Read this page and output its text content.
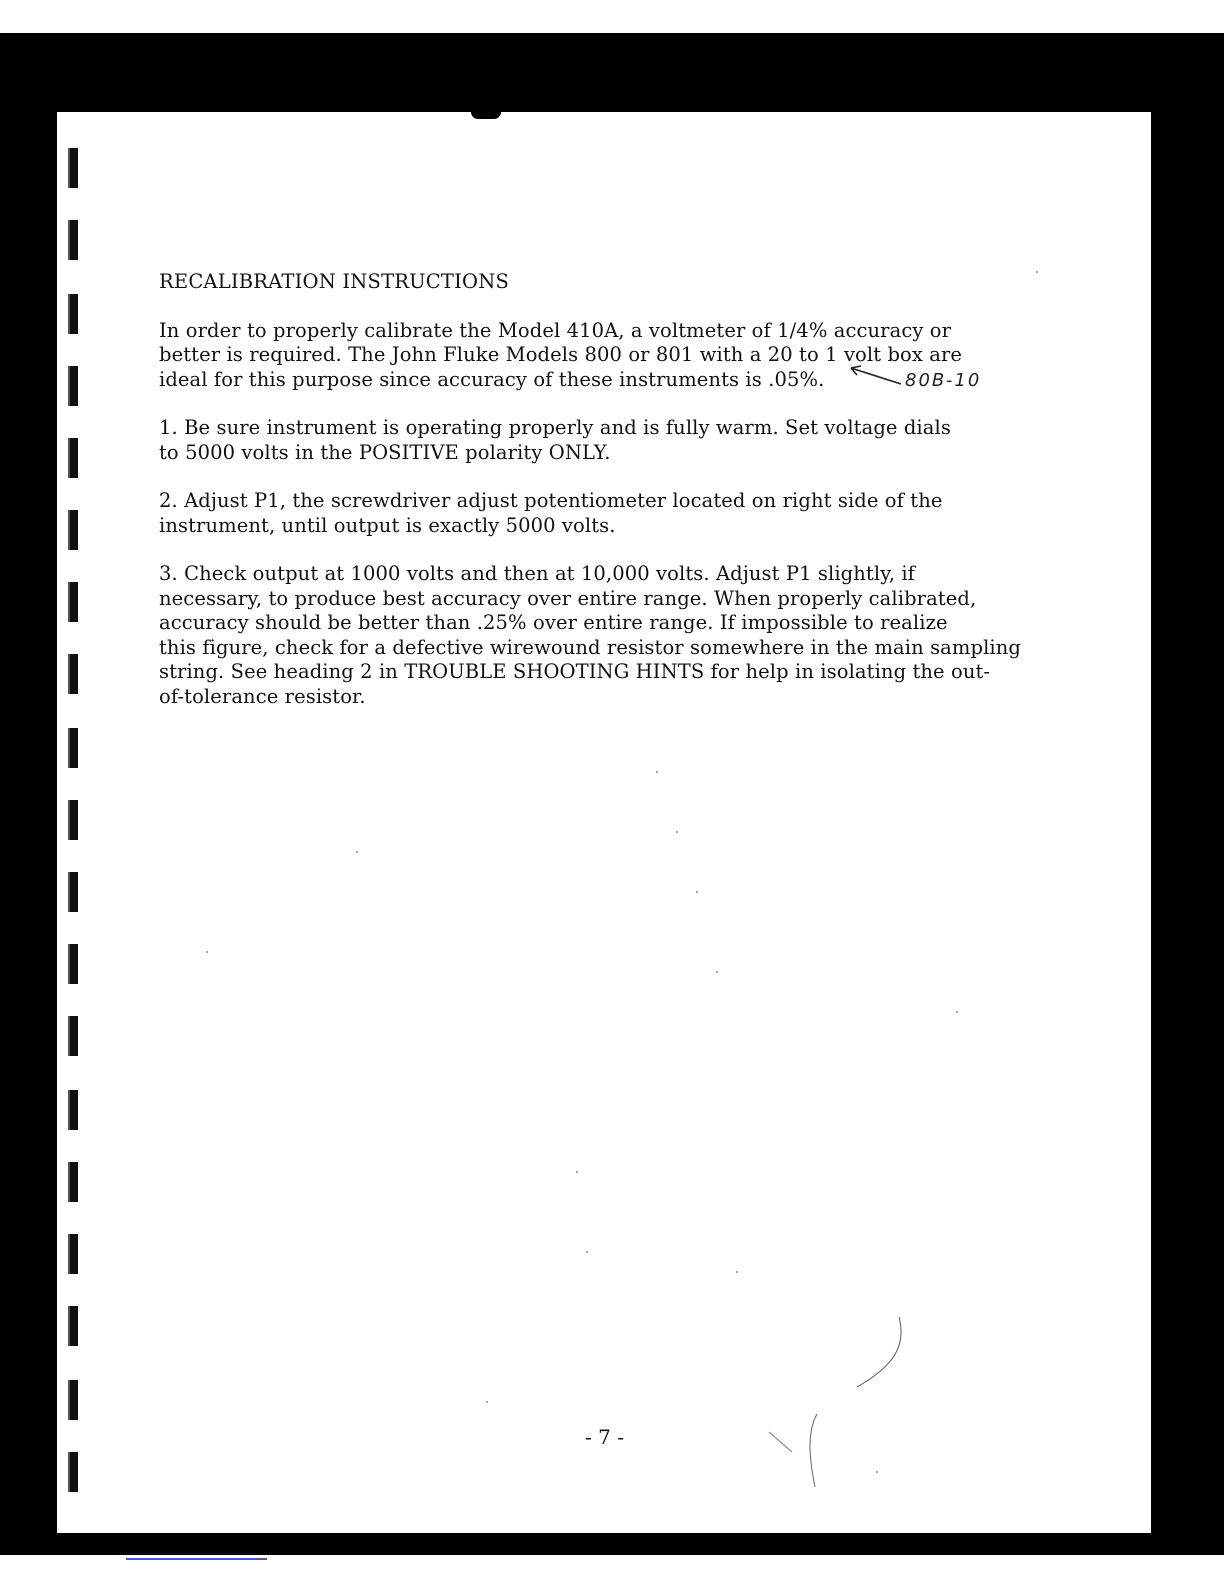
RECALIBRATION INSTRUCTIONS

In order to properly calibrate the Model 410A, a voltmeter of 1/4% accuracy or
better is required. The John Fluke Models 800 or 801 with a 20 to 1 volt box are
ideal for this purpose since accuracy of these instruments is .05%.

1. Be sure instrument is operating properly and is fully warm. Set voltage dials
to 5000 volts in the POSITIVE polarity ONLY.

2. Adjust P1, the screwdriver adjust potentiometer located on right side of the
instrument, until output is exactly 5000 volts.

3. Check output at 1000 volts and then at 10,000 volts. Adjust P1 slightly, if
necessary, to produce best accuracy over entire range. When properly calibrated,
accuracy should be better than .25% over entire range. If impossible to realize
this figure, check for a defective wirewound resistor somewhere in the main sampling
string. See heading 2 in TROUBLE SHOOTING HINTS for help in isolating the out-
of-tolerance resistor.

80B-10
- 7 -
